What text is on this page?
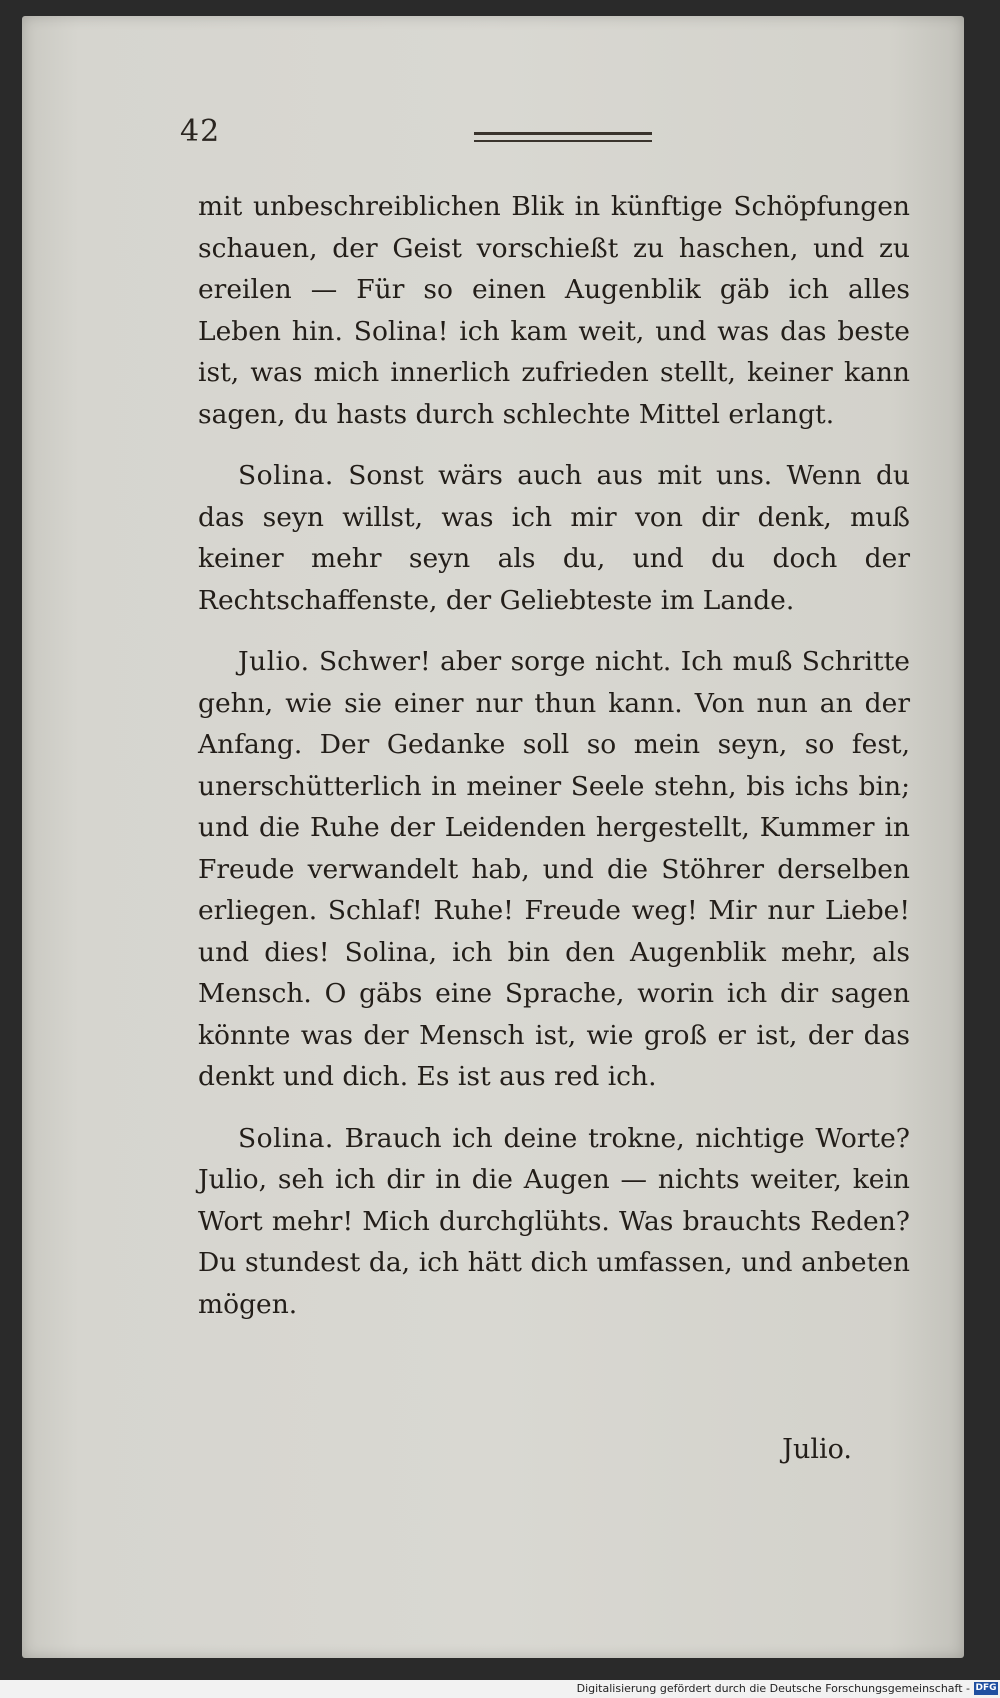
42

mit unbeschreiblichen Blik in künftige Schöpfungen schauen, der Geist vorschießt zu haschen, und zu ereilen — Für so einen Augenblik gäb ich alles Leben hin. Solina! ich kam weit, und was das beste ist, was mich innerlich zufrieden stellt, keiner kann sagen, du hasts durch schlechte Mittel erlangt.

Solina. Sonst wärs auch aus mit uns. Wenn du das seyn willst, was ich mir von dir denk, muß keiner mehr seyn als du, und du doch der Rechtschaffenste, der Geliebteste im Lande.

Julio. Schwer! aber sorge nicht. Ich muß Schritte gehn, wie sie einer nur thun kann. Von nun an der Anfang. Der Gedanke soll so mein seyn, so fest, unerschütterlich in meiner Seele stehn, bis ichs bin; und die Ruhe der Leidenden hergestellt, Kummer in Freude verwandelt hab, und die Stöhrer derselben erliegen. Schlaf! Ruhe! Freude weg! Mir nur Liebe! und dies! Solina, ich bin den Augenblik mehr, als Mensch. O gäbs eine Sprache, worin ich dir sagen könnte was der Mensch ist, wie groß er ist, der das denkt und dich. Es ist aus red ich.

Solina. Brauch ich deine trokne, nichtige Worte? Julio, seh ich dir in die Augen — nichts weiter, kein Wort mehr! Mich durchglühts. Was brauchts Reden? Du stundest da, ich hätt dich umfassen, und anbeten mögen.

Julio.
Digitalisierung gefördert durch die Deutsche Forschungsgemeinschaft - DFG
